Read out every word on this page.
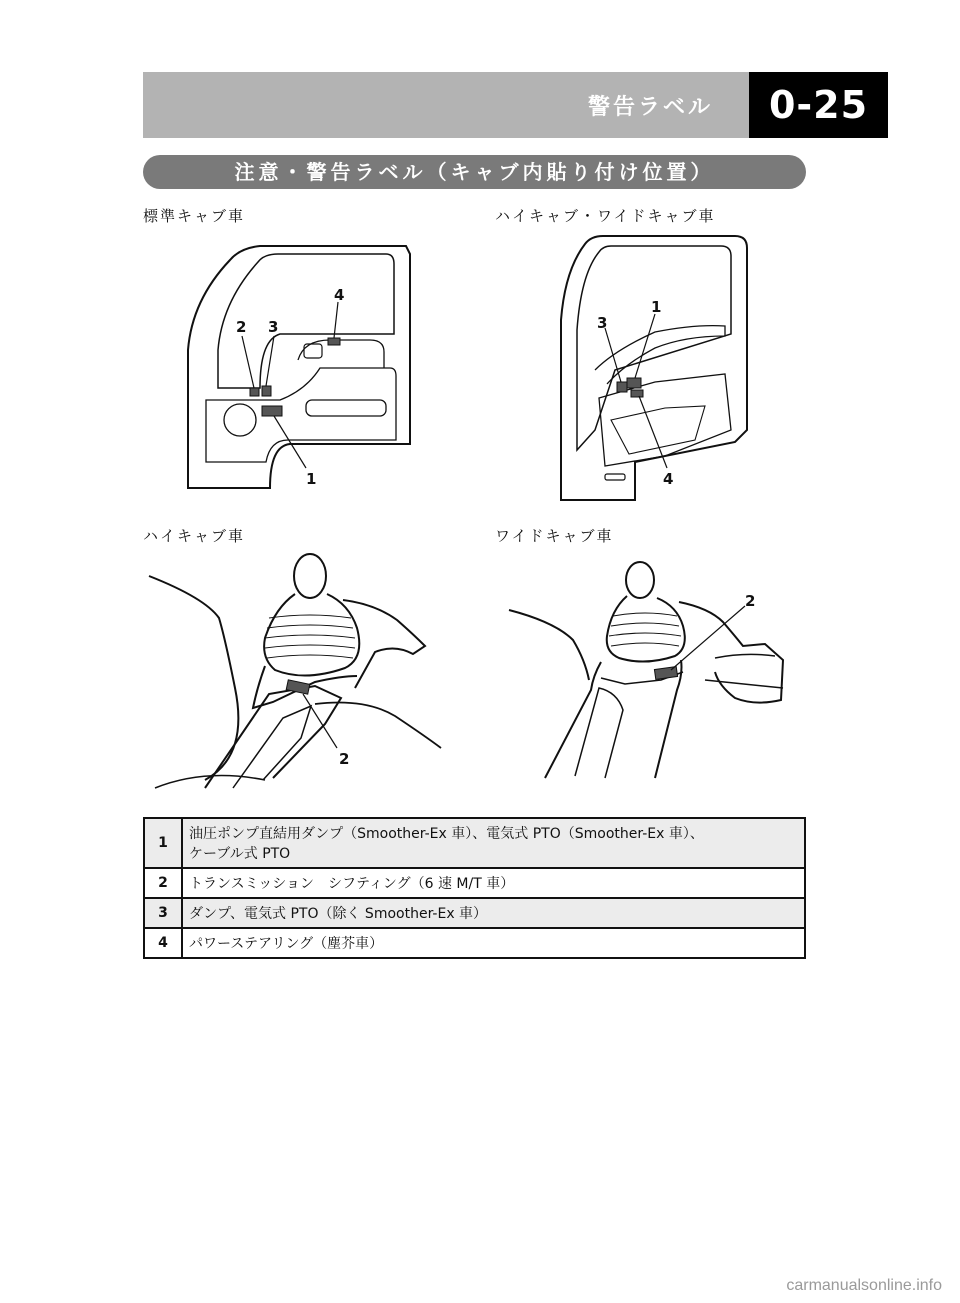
警告ラベル	0-25
注意・警告ラベル（キャブ内貼り付け位置）
標準キャブ車	ハイキャブ・ワイドキャブ車
ハイキャブ車	ワイドキャブ車
4
2 3
1
1
3
4
2
2
1	油圧ポンプ直結用ダンプ（Smoother-Ex 車）、電気式 PTO（Smoother-Ex 車）、
ケーブル式 PTO
2	トランスミッション　シフティング（6 速 M/T 車）
3	ダンプ、電気式 PTO（除く Smoother-Ex 車）
4	パワーステアリング（塵芥車）
carmanualsonline.info
